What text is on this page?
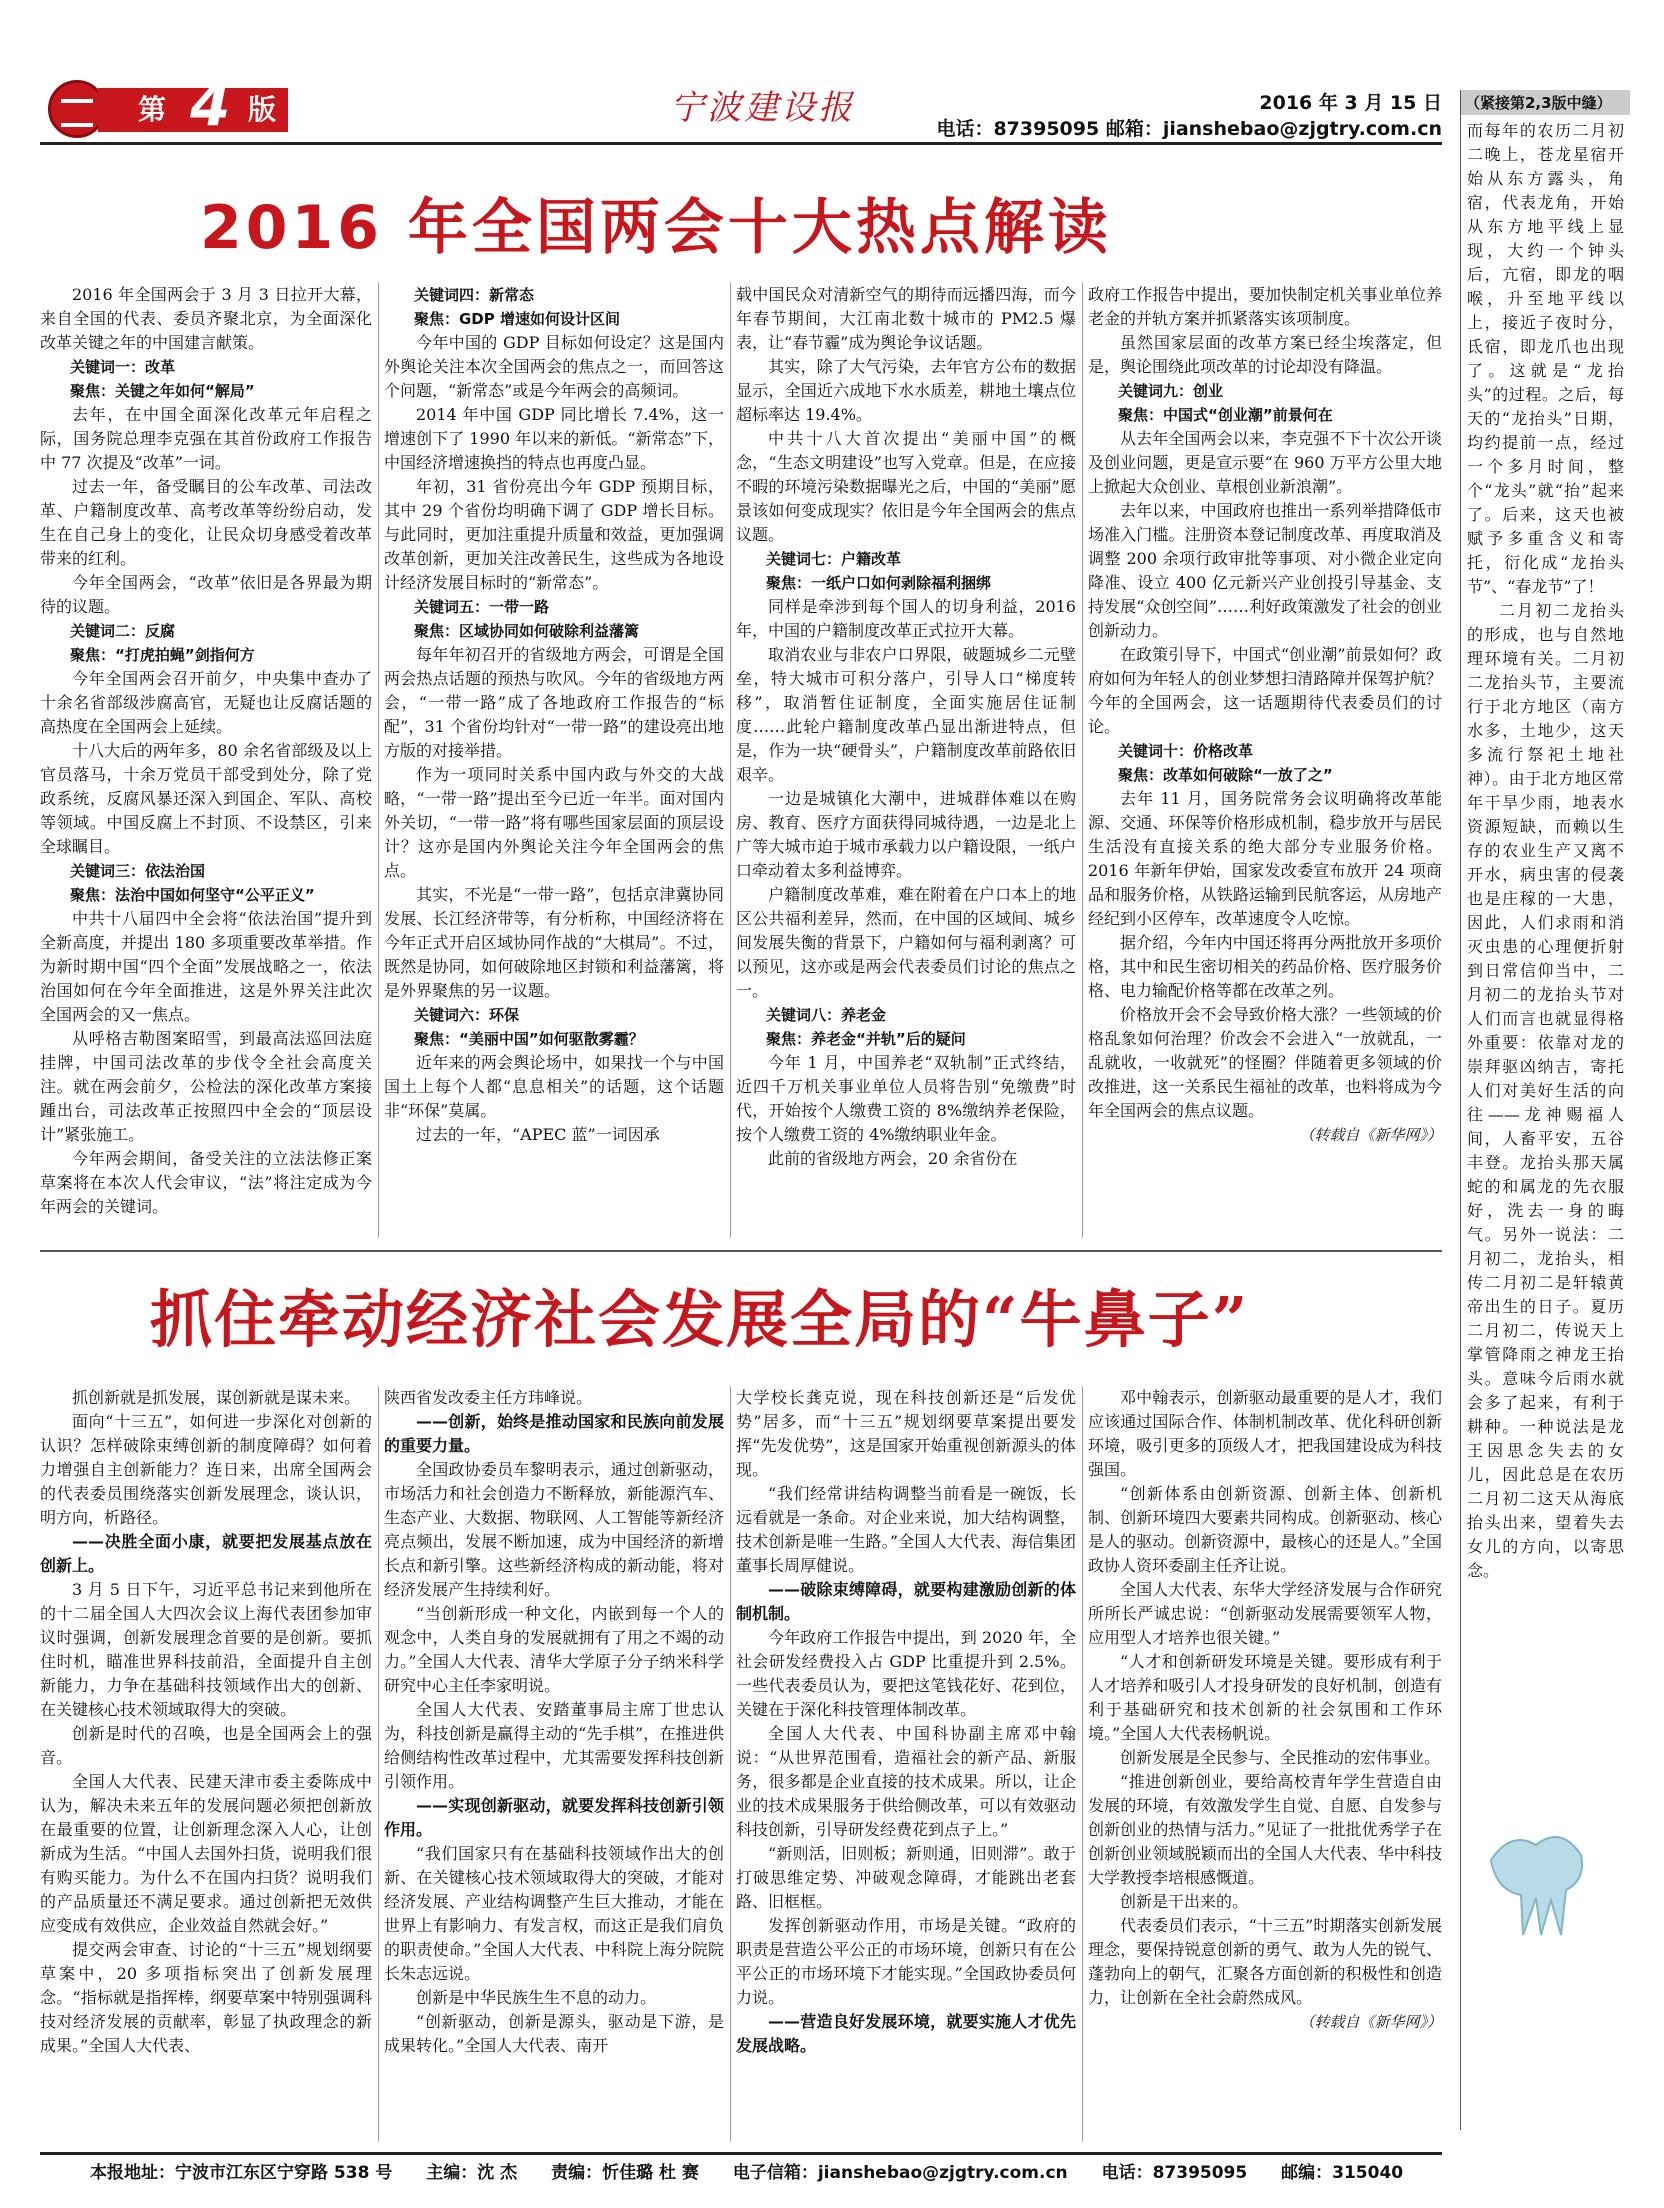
第 4 版	宁波建设报	2016 年 3 月 15 日
电话：87395095 邮箱：jianshebao@zjgtry.com.cn
2016 年全国两会十大热点解读

2016 年全国两会于 3 月 3 日拉开大幕，来自全国的代表、委员齐聚北京，为全面深化改革关键之年的中国建言献策。

关键词一：改革

聚焦：关键之年如何“解局”

去年，在中国全面深化改革元年启程之际，国务院总理李克强在其首份政府工作报告中 77 次提及“改革”一词。

过去一年，备受瞩目的公车改革、司法改革、户籍制度改革、高考改革等纷纷启动，发生在自己身上的变化，让民众切身感受着改革带来的红利。

今年全国两会，“改革”依旧是各界最为期待的议题。

关键词二：反腐

聚焦：“打虎拍蝇”剑指何方

今年全国两会召开前夕，中央集中查办了十余名省部级涉腐高官，无疑也让反腐话题的高热度在全国两会上延续。

十八大后的两年多，80 余名省部级及以上官员落马，十余万党员干部受到处分，除了党政系统，反腐风暴还深入到国企、军队、高校等领域。中国反腐上不封顶、不设禁区，引来全球瞩目。

关键词三：依法治国

聚焦：法治中国如何坚守“公平正义”

中共十八届四中全会将“依法治国”提升到全新高度，并提出 180 多项重要改革举措。作为新时期中国“四个全面”发展战略之一，依法治国如何在今年全面推进，这是外界关注此次全国两会的又一焦点。

从呼格吉勒图案昭雪，到最高法巡回法庭挂牌，中国司法改革的步伐令全社会高度关注。就在两会前夕，公检法的深化改革方案接踵出台，司法改革正按照四中全会的“顶层设计”紧张施工。

今年两会期间，备受关注的立法法修正案草案将在本次人代会审议，“法”将注定成为今年两会的关键词。

关键词四：新常态

聚焦：GDP 增速如何设计区间

今年中国的 GDP 目标如何设定？这是国内外舆论关注本次全国两会的焦点之一，而回答这个问题，“新常态”或是今年两会的高频词。

2014 年中国 GDP 同比增长 7.4%，这一增速创下了 1990 年以来的新低。“新常态”下，中国经济增速换挡的特点也再度凸显。

年初，31 省份亮出今年 GDP 预期目标，其中 29 个省份均明确下调了 GDP 增长目标。与此同时，更加注重提升质量和效益，更加强调改革创新，更加关注改善民生，这些成为各地设计经济发展目标时的“新常态”。

关键词五：一带一路

聚焦：区域协同如何破除利益藩篱

每年年初召开的省级地方两会，可谓是全国两会热点话题的预热与吹风。今年的省级地方两会，“一带一路”成了各地政府工作报告的“标配”，31 个省份均针对“一带一路”的建设亮出地方版的对接举措。

作为一项同时关系中国内政与外交的大战略，“一带一路”提出至今已近一年半。面对国内外关切，“一带一路”将有哪些国家层面的顶层设计？这亦是国内外舆论关注今年全国两会的焦点。

其实，不光是“一带一路”，包括京津冀协同发展、长江经济带等，有分析称，中国经济将在今年正式开启区域协同作战的“大棋局”。不过，既然是协同，如何破除地区封锁和利益藩篱，将是外界聚焦的另一议题。

关键词六：环保

聚焦：“美丽中国”如何驱散雾霾？

近年来的两会舆论场中，如果找一个与中国国土上每个人都“息息相关”的话题，这个话题非“环保”莫属。

过去的一年，“APEC 蓝”一词因承

载中国民众对清新空气的期待而远播四海，而今年春节期间，大江南北数十城市的 PM2.5 爆表，让“春节霾”成为舆论争议话题。

其实，除了大气污染，去年官方公布的数据显示，全国近六成地下水水质差，耕地土壤点位超标率达 19.4%。

中共十八大首次提出“美丽中国”的概念，“生态文明建设”也写入党章。但是，在应接不暇的环境污染数据曝光之后，中国的“美丽”愿景该如何变成现实？依旧是今年全国两会的焦点议题。

关键词七：户籍改革

聚焦：一纸户口如何剥除福利捆绑

同样是牵涉到每个国人的切身利益，2016 年，中国的户籍制度改革正式拉开大幕。

取消农业与非农户口界限，破题城乡二元壁垒，特大城市可积分落户，引导人口“梯度转移”，取消暂住证制度，全面实施居住证制度……此轮户籍制度改革凸显出渐进特点，但是，作为一块“硬骨头”，户籍制度改革前路依旧艰辛。

一边是城镇化大潮中，进城群体难以在购房、教育、医疗方面获得同城待遇，一边是北上广等大城市迫于城市承载力以户籍设限，一纸户口牵动着太多利益博弈。

户籍制度改革难，难在附着在户口本上的地区公共福利差异，然而，在中国的区域间、城乡间发展失衡的背景下，户籍如何与福利剥离？可以预见，这亦或是两会代表委员们讨论的焦点之一。

关键词八：养老金

聚焦：养老金“并轨”后的疑问

今年 1 月，中国养老“双轨制”正式终结，近四千万机关事业单位人员将告别“免缴费”时代，开始按个人缴费工资的 8%缴纳养老保险，按个人缴费工资的 4%缴纳职业年金。

此前的省级地方两会，20 余省份在

政府工作报告中提出，要加快制定机关事业单位养老金的并轨方案并抓紧落实该项制度。

虽然国家层面的改革方案已经尘埃落定，但是，舆论围绕此项改革的讨论却没有降温。

关键词九：创业

聚焦：中国式“创业潮”前景何在

从去年全国两会以来，李克强不下十次公开谈及创业问题，更是宣示要“在 960 万平方公里大地上掀起大众创业、草根创业新浪潮”。

去年以来，中国政府也推出一系列举措降低市场准入门槛。注册资本登记制度改革、再度取消及调整 200 余项行政审批等事项、对小微企业定向降准、设立 400 亿元新兴产业创投引导基金、支持发展“众创空间”……利好政策激发了社会的创业创新动力。

在政策引导下，中国式“创业潮”前景如何？政府如何为年轻人的创业梦想扫清路障并保驾护航？今年的全国两会，这一话题期待代表委员们的讨论。

关键词十：价格改革

聚焦：改革如何破除“一放了之”

去年 11 月，国务院常务会议明确将改革能源、交通、环保等价格形成机制，稳步放开与居民生活没有直接关系的绝大部分专业服务价格。2016 年新年伊始，国家发改委宣布放开 24 项商品和服务价格，从铁路运输到民航客运，从房地产经纪到小区停车，改革速度令人吃惊。

据介绍，今年内中国还将再分两批放开多项价格，其中和民生密切相关的药品价格、医疗服务价格、电力输配价格等都在改革之列。

价格放开会不会导致价格大涨？一些领域的价格乱象如何治理？价改会不会进入“一放就乱，一乱就收，一收就死”的怪圈？伴随着更多领域的价改推进，这一关系民生福祉的改革，也料将成为今年全国两会的焦点议题。

（转载自《新华网》）
抓住牵动经济社会发展全局的“牛鼻子”

抓创新就是抓发展，谋创新就是谋未来。

面向“十三五”，如何进一步深化对创新的认识？怎样破除束缚创新的制度障碍？如何着力增强自主创新能力？连日来，出席全国两会的代表委员围绕落实创新发展理念，谈认识，明方向，析路径。

——决胜全面小康，就要把发展基点放在创新上。

3 月 5 日下午，习近平总书记来到他所在的十二届全国人大四次会议上海代表团参加审议时强调，创新发展理念首要的是创新。要抓住时机，瞄准世界科技前沿，全面提升自主创新能力，力争在基础科技领域作出大的创新、在关键核心技术领域取得大的突破。

创新是时代的召唤，也是全国两会上的强音。

全国人大代表、民建天津市委主委陈成中认为，解决未来五年的发展问题必须把创新放在最重要的位置，让创新理念深入人心，让创新成为生活。“中国人去国外扫货，说明我们很有购买能力。为什么不在国内扫货？说明我们的产品质量还不满足要求。通过创新把无效供应变成有效供应，企业效益自然就会好。”

提交两会审查、讨论的“十三五”规划纲要草案中，20 多项指标突出了创新发展理念。“指标就是指挥棒，纲要草案中特别强调科技对经济发展的贡献率，彰显了执政理念的新成果。”全国人大代表、

陕西省发改委主任方玮峰说。

——创新，始终是推动国家和民族向前发展的重要力量。

全国政协委员车黎明表示，通过创新驱动，市场活力和社会创造力不断释放，新能源汽车、生态产业、大数据、物联网、人工智能等新经济亮点频出，发展不断加速，成为中国经济的新增长点和新引擎。这些新经济构成的新动能，将对经济发展产生持续利好。

“当创新形成一种文化，内嵌到每一个人的观念中，人类自身的发展就拥有了用之不竭的动力。”全国人大代表、清华大学原子分子纳米科学研究中心主任李家明说。

全国人大代表、安踏董事局主席丁世忠认为，科技创新是赢得主动的“先手棋”，在推进供给侧结构性改革过程中，尤其需要发挥科技创新引领作用。

——实现创新驱动，就要发挥科技创新引领作用。

“我们国家只有在基础科技领域作出大的创新、在关键核心技术领域取得大的突破，才能对经济发展、产业结构调整产生巨大推动，才能在世界上有影响力、有发言权，而这正是我们肩负的职责使命。”全国人大代表、中科院上海分院院长朱志远说。

创新是中华民族生生不息的动力。

“创新驱动，创新是源头，驱动是下游，是成果转化。”全国人大代表、南开

大学校长龚克说，现在科技创新还是“后发优势”居多，而“十三五”规划纲要草案提出要发挥“先发优势”，这是国家开始重视创新源头的体现。

“我们经常讲结构调整当前看是一碗饭，长远看就是一条命。对企业来说，加大结构调整，技术创新是唯一生路。”全国人大代表、海信集团董事长周厚健说。

——破除束缚障碍，就要构建激励创新的体制机制。

今年政府工作报告中提出，到 2020 年，全社会研发经费投入占 GDP 比重提升到 2.5%。一些代表委员认为，要把这笔钱花好、花到位，关键在于深化科技管理体制改革。

全国人大代表、中国科协副主席邓中翰说：“从世界范围看，造福社会的新产品、新服务，很多都是企业直接的技术成果。所以，让企业的技术成果服务于供给侧改革，可以有效驱动科技创新，引导研发经费花到点子上。”

“新则活，旧则板；新则通，旧则滞”。敢于打破思维定势、冲破观念障碍，才能跳出老套路、旧框框。

发挥创新驱动作用，市场是关键。“政府的职责是营造公平公正的市场环境，创新只有在公平公正的市场环境下才能实现。”全国政协委员何力说。

——营造良好发展环境，就要实施人才优先发展战略。

邓中翰表示，创新驱动最重要的是人才，我们应该通过国际合作、体制机制改革、优化科研创新环境，吸引更多的顶级人才，把我国建设成为科技强国。

“创新体系由创新资源、创新主体、创新机制、创新环境四大要素共同构成。创新驱动、核心是人的驱动。创新资源中，最核心的还是人。”全国政协人资环委副主任齐让说。

全国人大代表、东华大学经济发展与合作研究所所长严诚忠说：“创新驱动发展需要领军人物，应用型人才培养也很关键。”

“人才和创新研发环境是关键。要形成有利于人才培养和吸引人才投身研发的良好机制，创造有利于基础研究和技术创新的社会氛围和工作环境。”全国人大代表杨帆说。

创新发展是全民参与、全民推动的宏伟事业。

“推进创新创业，要给高校青年学生营造自由发展的环境，有效激发学生自觉、自愿、自发参与创新创业的热情与活力。”见证了一批批优秀学子在创新创业领域脱颖而出的全国人大代表、华中科技大学教授李培根感慨道。

创新是干出来的。

代表委员们表示，“十三五”时期落实创新发展理念，要保持锐意创新的勇气、敢为人先的锐气、蓬勃向上的朝气，汇聚各方面创新的积极性和创造力，让创新在全社会蔚然成风。

（转载自《新华网》）
（紧接第2,3版中缝）

而每年的农历二月初二晚上，苍龙星宿开始从东方露头，角宿，代表龙角，开始从东方地平线上显现，大约一个钟头后，亢宿，即龙的咽喉，升至地平线以上，接近子夜时分，氐宿，即龙爪也出现了。这就是“龙抬头”的过程。之后，每天的“龙抬头”日期，均约提前一点，经过一个多月时间，整个“龙头”就“抬”起来了。后来，这天也被赋予多重含义和寄托，衍化成“龙抬头节”、“春龙节”了！

二月初二龙抬头的形成，也与自然地理环境有关。二月初二龙抬头节，主要流行于北方地区（南方水多，土地少，这天多流行祭祀土地社神）。由于北方地区常年干旱少雨，地表水资源短缺，而赖以生存的农业生产又离不开水，病虫害的侵袭也是庄稼的一大患，因此，人们求雨和消灭虫患的心理便折射到日常信仰当中，二月初二的龙抬头节对人们而言也就显得格外重要：依靠对龙的崇拜驱凶纳吉，寄托人们对美好生活的向往——龙神赐福人间，人畜平安，五谷丰登。龙抬头那天属蛇的和属龙的先衣服好，洗去一身的晦气。另外一说法：二月初二，龙抬头，相传二月初二是轩辕黄帝出生的日子。夏历二月初二，传说天上掌管降雨之神龙王抬头。意味今后雨水就会多了起来，有利于耕种。一种说法是龙王因思念失去的女儿，因此总是在农历二月初二这天从海底抬头出来，望着失去女儿的方向，以寄思念。

本报地址：宁波市江东区宁穿路 538 号 主编：沈 杰 责编：忻佳璐 杜 赛 电子信箱：jianshebao@zjgtry.com.cn 电话：87395095 邮编：315040
